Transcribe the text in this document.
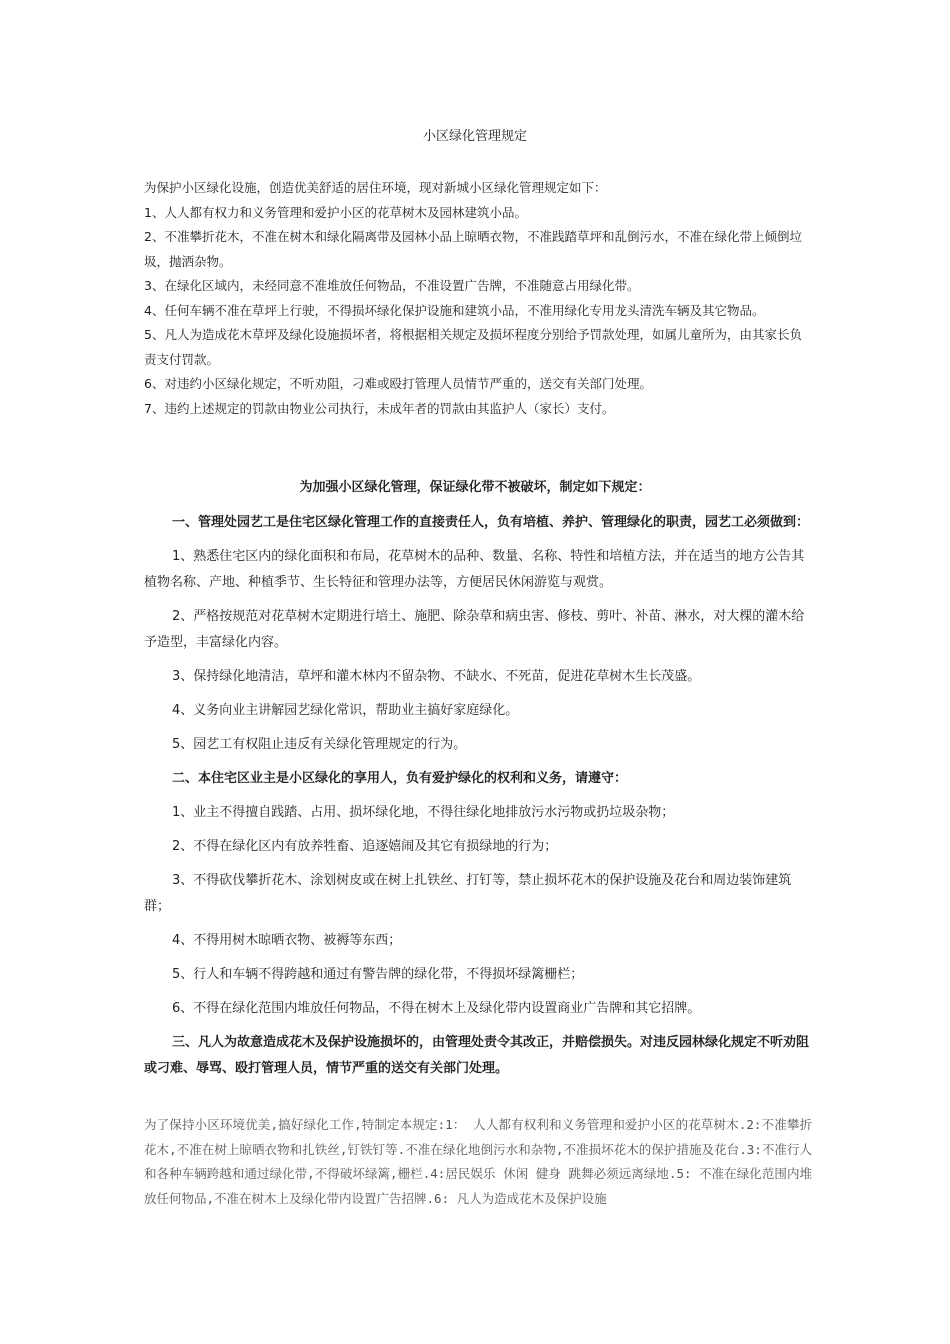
小区绿化管理规定

为保护小区绿化设施，创造优美舒适的居住环境，现对新城小区绿化管理规定如下：

1、人人都有权力和义务管理和爱护小区的花草树木及园林建筑小品。

2、不准攀折花木，不准在树木和绿化隔离带及园林小品上晾晒衣物，不准践踏草坪和乱倒污水，不准在绿化带上倾倒垃圾，抛洒杂物。

3、在绿化区域内，未经同意不准堆放任何物品，不准设置广告牌，不准随意占用绿化带。

4、任何车辆不准在草坪上行驶，不得损坏绿化保护设施和建筑小品，不准用绿化专用龙头清洗车辆及其它物品。

5、凡人为造成花木草坪及绿化设施损坏者，将根据相关规定及损坏程度分别给予罚款处理，如属儿童所为，由其家长负责支付罚款。

6、对违约小区绿化规定，不听劝阻，刁难或殴打管理人员情节严重的，送交有关部门处理。

7、违约上述规定的罚款由物业公司执行，未成年者的罚款由其监护人（家长）支付。

为加强小区绿化管理，保证绿化带不被破坏，制定如下规定：

一、管理处园艺工是住宅区绿化管理工作的直接责任人，负有培植、养护、管理绿化的职责，园艺工必须做到：

1、熟悉住宅区内的绿化面积和布局，花草树木的品种、数量、名称、特性和培植方法，并在适当的地方公告其植物名称、产地、种植季节、生长特征和管理办法等，方便居民休闲游览与观赏。

2、严格按规范对花草树木定期进行培土、施肥、除杂草和病虫害、修枝、剪叶、补苗、淋水，对大棵的灌木给予造型，丰富绿化内容。

3、保持绿化地清洁，草坪和灌木林内不留杂物、不缺水、不死苗，促进花草树木生长茂盛。

4、义务向业主讲解园艺绿化常识，帮助业主搞好家庭绿化。

5、园艺工有权阻止违反有关绿化管理规定的行为。

二、本住宅区业主是小区绿化的享用人，负有爱护绿化的权利和义务，请遵守：

1、业主不得擅自践踏、占用、损坏绿化地，不得往绿化地排放污水污物或扔垃圾杂物；

2、不得在绿化区内有放养牲畜、追逐嬉闹及其它有损绿地的行为；

3、不得砍伐攀折花木、涂划树皮或在树上扎铁丝、打钉等，禁止损坏花木的保护设施及花台和周边装饰建筑群；

4、不得用树木晾晒衣物、被褥等东西；

5、行人和车辆不得跨越和通过有警告牌的绿化带，不得损坏绿篱栅栏；

6、不得在绿化范围内堆放任何物品，不得在树木上及绿化带内设置商业广告牌和其它招牌。

三、凡人为故意造成花木及保护设施损坏的，由管理处责令其改正，并赔偿损失。对违反园林绿化规定不听劝阻或刁难、辱骂、殴打管理人员，情节严重的送交有关部门处理。

为了保持小区环境优美,搞好绿化工作,特制定本规定:1： 人人都有权利和义务管理和爱护小区的花草树木.2:不准攀折花木,不准在树上晾晒衣物和扎铁丝,钉铁钉等.不准在绿化地倒污水和杂物,不准损坏花木的保护措施及花台.3:不准行人和各种车辆跨越和通过绿化带,不得破坏绿篱,栅栏.4:居民娱乐 休闲 健身 跳舞必须远离绿地.5: 不准在绿化范围内堆放任何物品,不准在树木上及绿化带内设置广告招牌.6: 凡人为造成花木及保护设施
